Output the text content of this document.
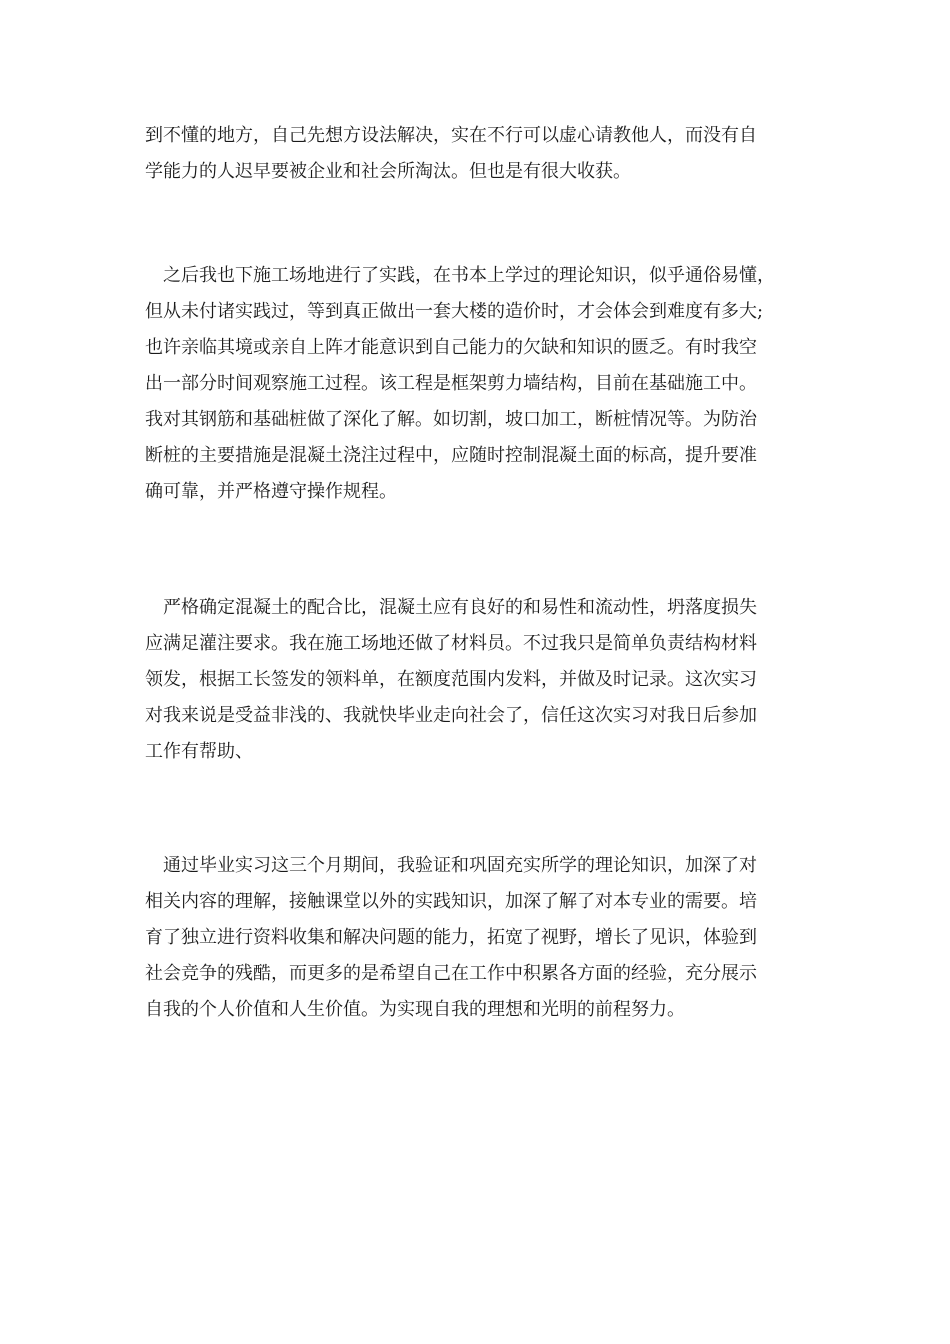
到不懂的地方，自己先想方设法解决，实在不行可以虚心请教他人，而没有自
学能力的人迟早要被企业和社会所淘汰。但也是有很大收获。
　之后我也下施工场地进行了实践，在书本上学过的理论知识，似乎通俗易懂，
但从未付诸实践过，等到真正做出一套大楼的造价时，才会体会到难度有多大;
也许亲临其境或亲自上阵才能意识到自己能力的欠缺和知识的匮乏。有时我空
出一部分时间观察施工过程。该工程是框架剪力墙结构，目前在基础施工中。
我对其钢筋和基础桩做了深化了解。如切割，坡口加工，断桩情况等。为防治
断桩的主要措施是混凝土浇注过程中，应随时控制混凝土面的标高，提升要准
确可靠，并严格遵守操作规程。
　严格确定混凝土的配合比，混凝土应有良好的和易性和流动性，坍落度损失
应满足灌注要求。我在施工场地还做了材料员。不过我只是简单负责结构材料
领发，根据工长签发的领料单，在额度范围内发料，并做及时记录。这次实习
对我来说是受益非浅的、我就快毕业走向社会了，信任这次实习对我日后参加
工作有帮助、
　通过毕业实习这三个月期间，我验证和巩固充实所学的理论知识，加深了对
相关内容的理解，接触课堂以外的实践知识，加深了解了对本专业的需要。培
育了独立进行资料收集和解决问题的能力，拓宽了视野，增长了见识，体验到
社会竞争的残酷，而更多的是希望自己在工作中积累各方面的经验，充分展示
自我的个人价值和人生价值。为实现自我的理想和光明的前程努力。
